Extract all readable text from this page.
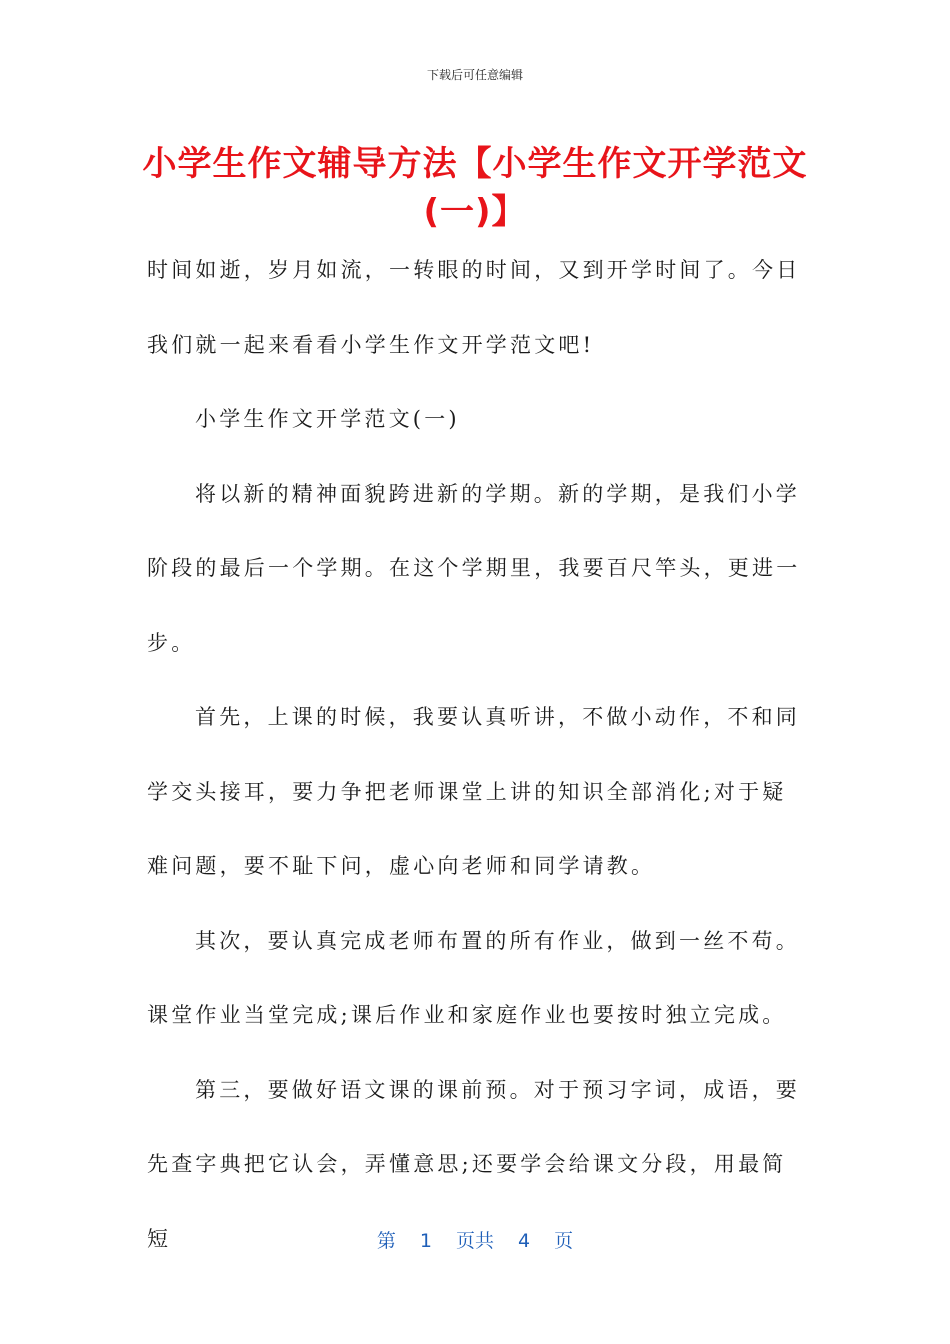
下载后可任意编辑
小学生作文辅导方法【小学生作文开学范文
(一)】

时间如逝，岁月如流，一转眼的时间，又到开学时间了。今日我们就一起来看看小学生作文开学范文吧!

小学生作文开学范文(一)

将以新的精神面貌跨进新的学期。新的学期，是我们小学阶段的最后一个学期。在这个学期里，我要百尺竿头，更进一步。

首先，上课的时候，我要认真听讲，不做小动作，不和同学交头接耳，要力争把老师课堂上讲的知识全部消化;对于疑难问题，要不耻下问，虚心向老师和同学请教。

其次，要认真完成老师布置的所有作业，做到一丝不苟。课堂作业当堂完成;课后作业和家庭作业也要按时独立完成。

第三，要做好语文课的课前预。对于预习字词，成语，要先查字典把它认会，弄懂意思;还要学会给课文分段，用最简短	第 1 页共 4 页
